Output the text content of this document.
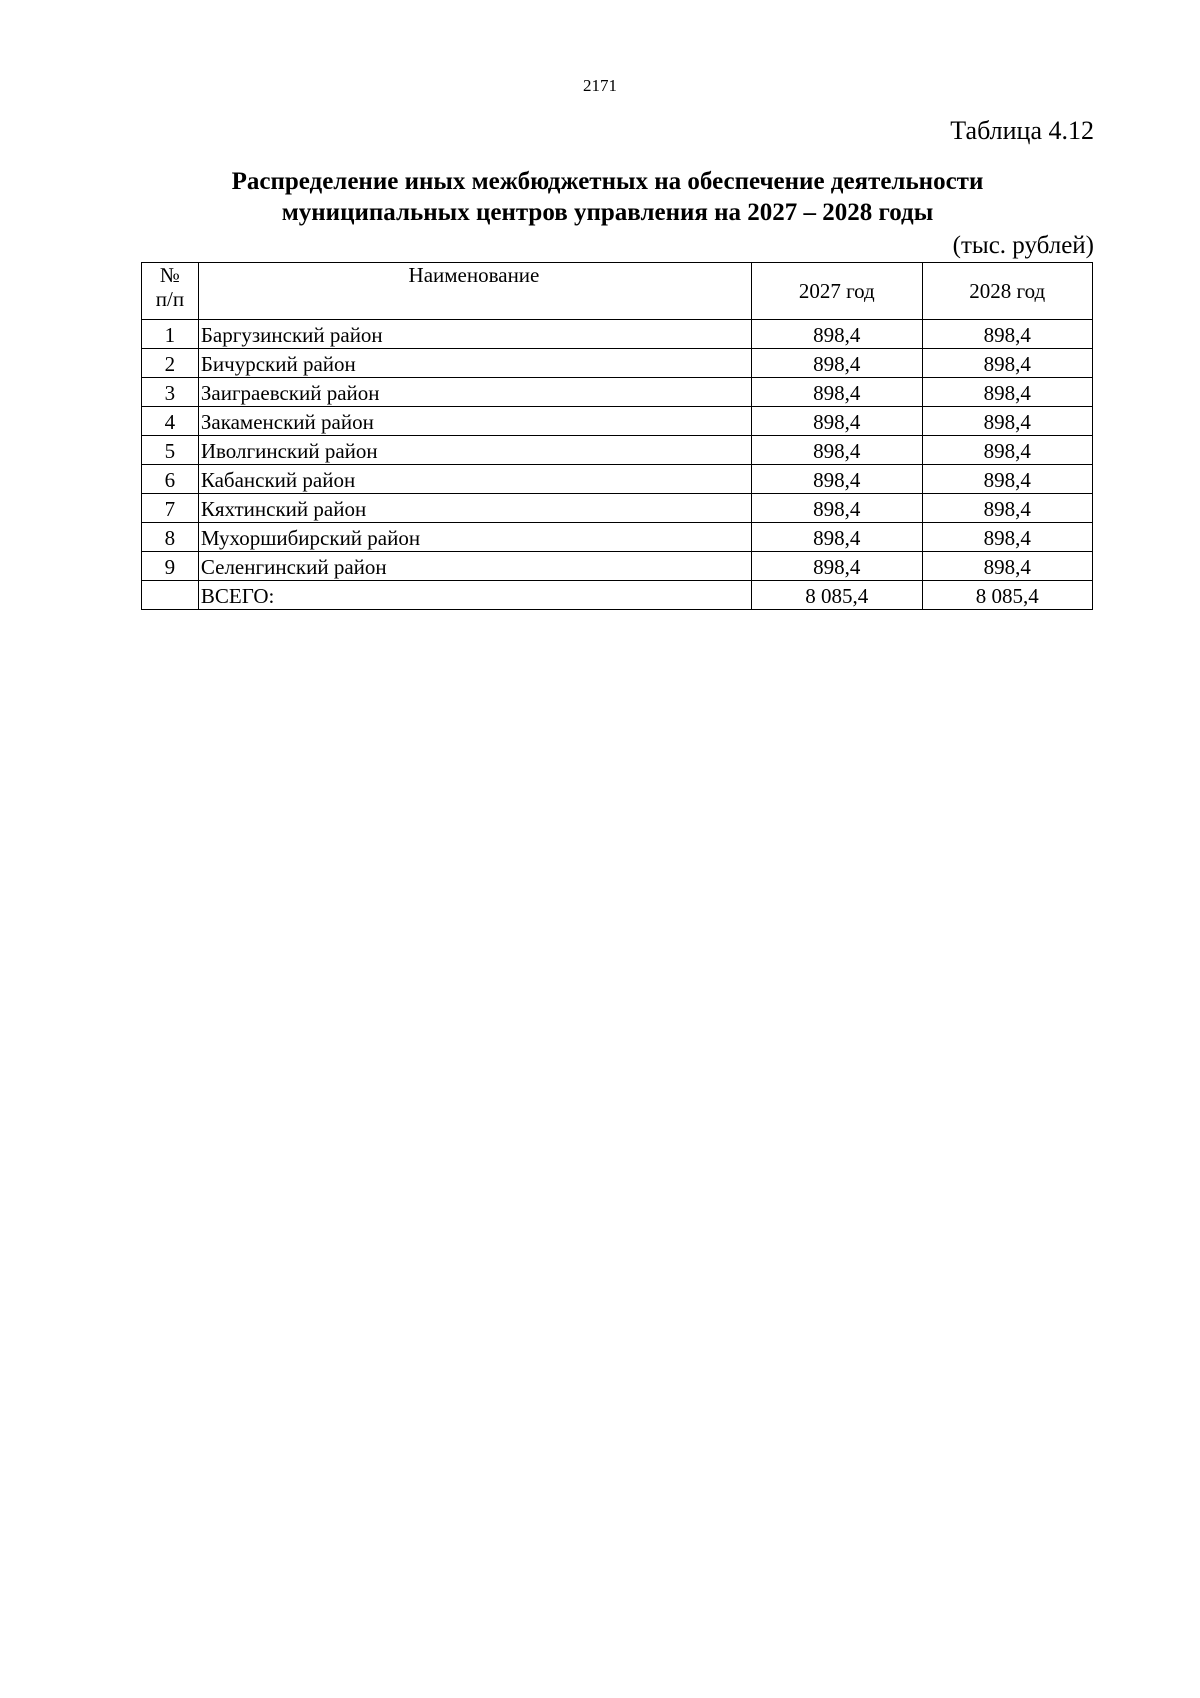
2171
Таблица 4.12
Распределение иных межбюджетных на обеспечение деятельности
муниципальных центров управления на 2027 – 2028 годы
(тыс. рублей)
№
п/п	Наименование	2027 год	2028 год
1	Баргузинский район	898,4	898,4
2	Бичурский район	898,4	898,4
3	Заиграевский район	898,4	898,4
4	Закаменский район	898,4	898,4
5	Иволгинский район	898,4	898,4
6	Кабанский район	898,4	898,4
7	Кяхтинский район	898,4	898,4
8	Мухоршибирский район	898,4	898,4
9	Селенгинский район	898,4	898,4
	ВСЕГО:	8 085,4	8 085,4
